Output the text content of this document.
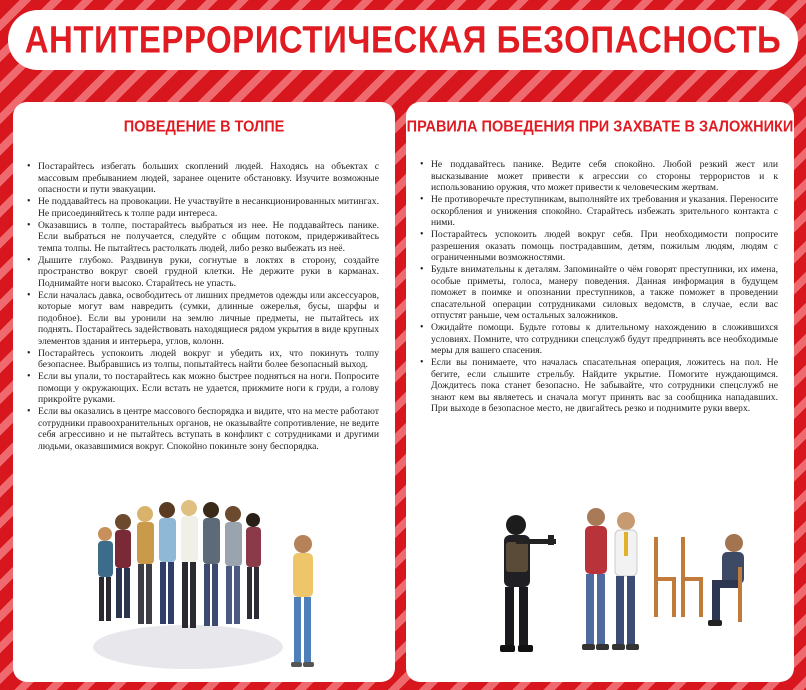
АНТИТЕРРОРИСТИЧЕСКАЯ БЕЗОПАСНОСТЬ
ПОВЕДЕНИЕ В ТОЛПЕ
• Постарайтесь избегать больших скоплений людей. Находясь на объектах с массовым пребыванием людей, заранее оцените обстановку. Изучите возможные опасности и пути эвакуации.
• Не поддавайтесь на провокации. Не участвуйте в несанкционированных митингах. Не присоединяйтесь к толпе ради интереса.
• Оказавшись в толпе, постарайтесь выбраться из нее. Не поддавайтесь панике. Если выбраться не получается, следуйте с общим потоком, придерживайтесь темпа толпы. Не пытайтесь растолкать людей, либо резко выбежать из неё.
• Дышите глубоко. Раздвинув руки, согнутые в локтях в сторону, создайте пространство вокруг своей грудной клетки. Не держите руки в карманах. Поднимайте ноги высоко. Старайтесь не упасть.
• Если началась давка, освободитесь от лишних предметов одежды или аксессуаров, которые могут вам навредить (сумки, длинные ожерелья, бусы, шарфы и подобное). Если вы уронили на землю личные предметы, не пытайтесь их поднять. Постарайтесь задействовать находящиеся рядом укрытия в виде крупных элементов здания и интерьера, углов, колонн.
• Постарайтесь успокоить людей вокруг и убедить их, что покинуть толпу безопаснее. Выбравшись из толпы, попытайтесь найти более безопасный выход.
• Если вы упали, то постарайтесь как можно быстрее подняться на ноги. Попросите помощи у окружающих. Если встать не удается, прижмите ноги к груди, а голову прикройте руками.
• Если вы оказались в центре массового беспорядка и видите, что на месте работают сотрудники правоохранительных органов, не оказывайте сопротивление, не ведите себя агрессивно и не пытайтесь вступать в конфликт с сотрудниками и другими людьми, оказавшимися вокруг. Спокойно покиньте зону беспорядка.
ПРАВИЛА ПОВЕДЕНИЯ ПРИ ЗАХВАТЕ В ЗАЛОЖНИКИ
• Не поддавайтесь панике. Ведите себя спокойно. Любой резкий жест или высказывание может привести к агрессии со стороны террористов и к использованию оружия, что может привести к человеческим жертвам.
• Не противоречьте преступникам, выполняйте их требования и указания. Переносите оскорбления и унижения спокойно. Старайтесь избежать зрительного контакта с ними.
• Постарайтесь успокоить людей вокруг себя. При необходимости попросите разрешения оказать помощь пострадавшим, детям, пожилым людям, людям с ограниченными возможностями.
• Будьте внимательны к деталям. Запоминайте о чём говорят преступники, их имена, особые приметы, голоса, манеру поведения. Данная информация в будущем поможет в поимке и опознании преступников, а также поможет в проведении спасательной операции сотрудниками силовых ведомств, в случае, если вас отпустят раньше, чем остальных заложников.
• Ожидайте помощи. Будьте готовы к длительному нахождению в сложившихся условиях. Помните, что сотрудники спецслужб будут предпринять все необходимые меры для вашего спасения.
• Если вы понимаете, что началась спасательная операция, ложитесь на пол. Не бегите, если слышите стрельбу. Найдите укрытие. Помогите нуждающимся. Дождитесь пока станет безопасно. Не забывайте, что сотрудники спецслужб не знают кем вы являетесь и сначала могут принять вас за сообщника нападавших. При выходе в безопасное место, не двигайтесь резко и поднимите руки вверх.
